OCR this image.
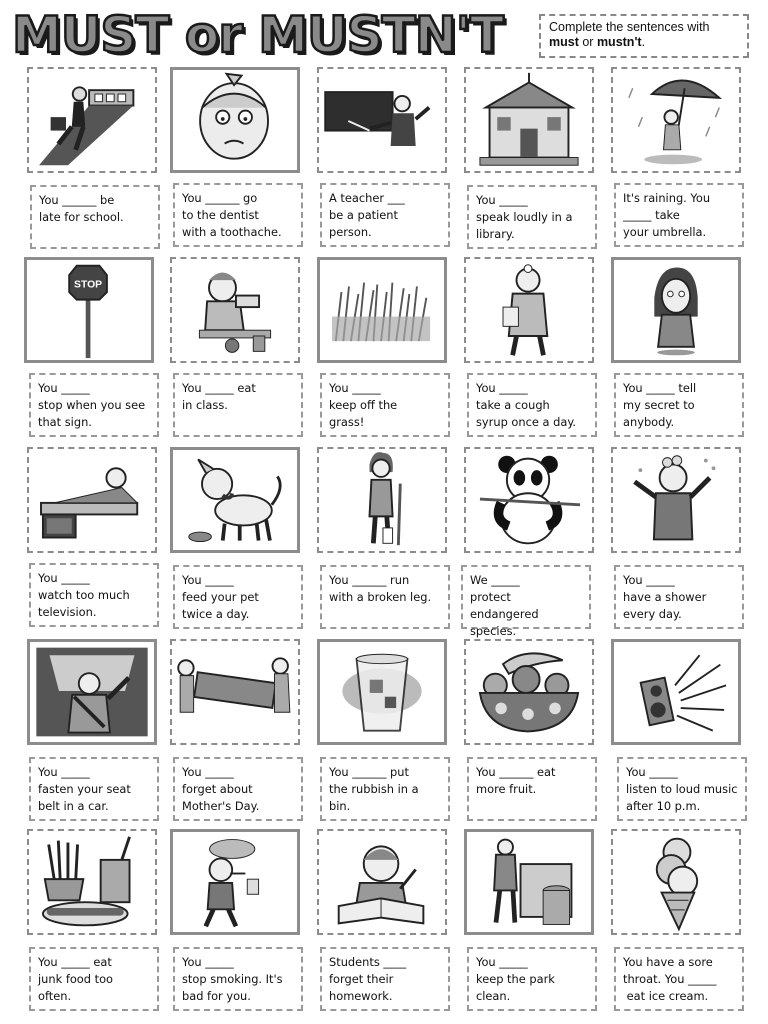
MUST or MUSTN'T	Complete the sentences with
must or mustn't.
You ______ be
late for school.
You ______ go
to the dentist
with a toothache.
A teacher ___
be a patient
person.
You _____
speak loudly in a
library.
It's raining. You
_____ take
your umbrella.
STOP
You _____
stop when you see
that sign.
You _____ eat
in class.
You _____
keep off the
grass!
You _____
take a cough
syrup once a day.
You _____ tell
my secret to
anybody.
You _____
watch too much
television.
You _____
feed your pet
twice a day.
You ______ run
with a broken leg.
We _____
protect endangered
species.
You _____
have a shower
every day.
You _____
fasten your seat
belt in a car.
You _____
forget about
Mother's Day.
You ______ put
the rubbish in a
bin.
You ______ eat
more fruit.
You _____
listen to loud music
after 10 p.m.
You _____ eat
junk food too
often.
You _____
stop smoking. It's
bad for you.
Students ____
forget their
homework.
You _____
keep the park
clean.
You have a sore
throat. You _____
eat ice cream.
